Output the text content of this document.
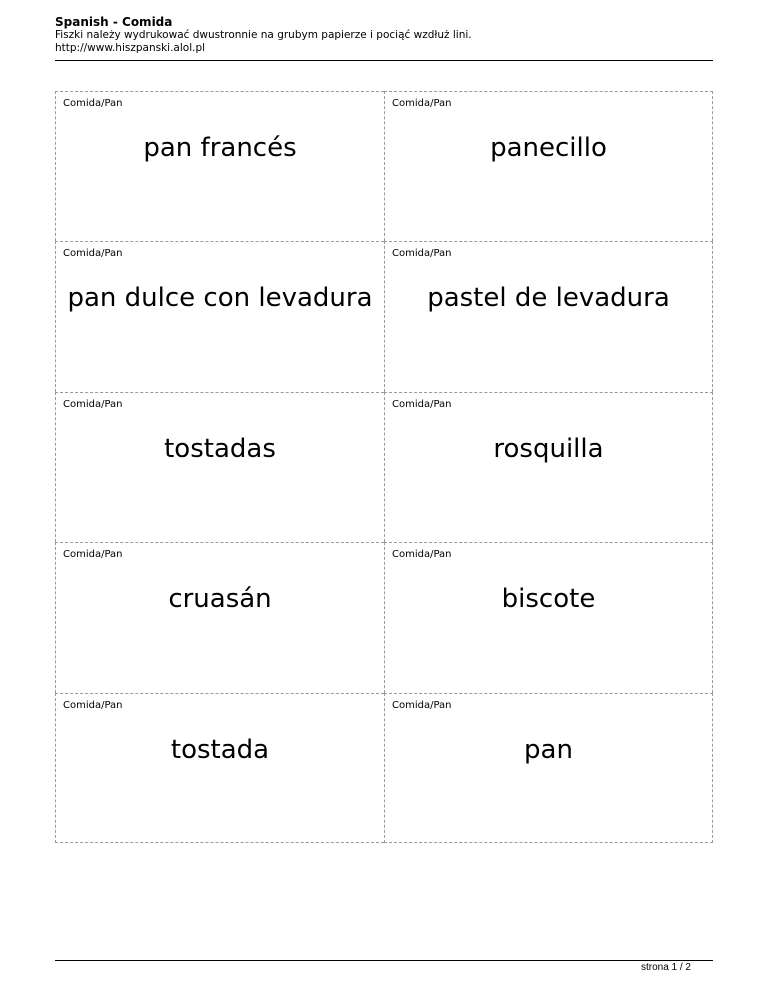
Spanish - Comida

Fiszki należy wydrukować dwustronnie na grubym papierze i pociąć wzdłuż lini.

http://www.hiszpanski.alol.pl

Comida/Pan
pan francés
Comida/Pan
panecillo
Comida/Pan
pan dulce con levadura
Comida/Pan
pastel de levadura
Comida/Pan
tostadas
Comida/Pan
rosquilla
Comida/Pan
cruasán
Comida/Pan
biscote
Comida/Pan
tostada
Comida/Pan
pan
strona 1 / 2
